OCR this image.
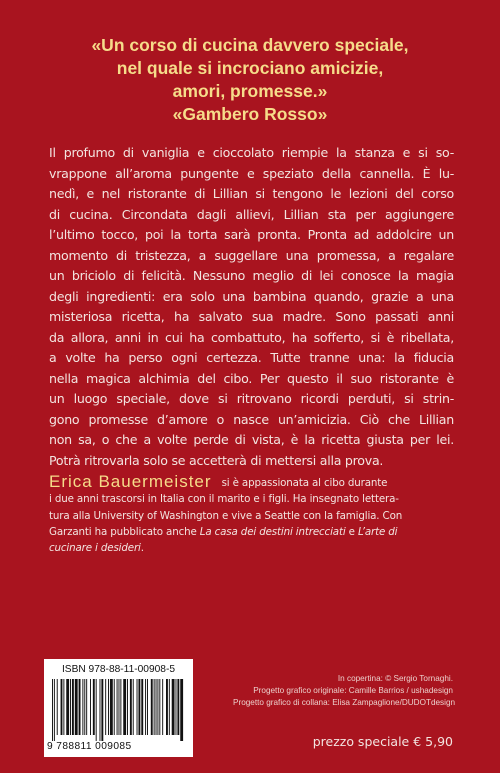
«Un corso di cucina davvero speciale,
nel quale si incrociano amicizie,
amori, promesse.»
«Gambero Rosso»
Il profumo di vaniglia e cioccolato riempie la stanza e si so-
vrappone all’aroma pungente e speziato della cannella. È lu-
nedì, e nel ristorante di Lillian si tengono le lezioni del corso
di cucina. Circondata dagli allievi, Lillian sta per aggiungere
l’ultimo tocco, poi la torta sarà pronta. Pronta ad addolcire un
momento di tristezza, a suggellare una promessa, a regalare
un briciolo di felicità. Nessuno meglio di lei conosce la magia
degli ingredienti: era solo una bambina quando, grazie a una
misteriosa ricetta, ha salvato sua madre. Sono passati anni
da allora, anni in cui ha combattuto, ha sofferto, si è ribellata,
a volte ha perso ogni certezza. Tutte tranne una: la fiducia
nella magica alchimia del cibo. Per questo il suo ristorante è
un luogo speciale, dove si ritrovano ricordi perduti, si strin-
gono promesse d’amore o nasce un’amicizia. Ciò che Lillian
non sa, o che a volte perde di vista, è la ricetta giusta per lei.
Potrà ritrovarla solo se accetterà di mettersi alla prova.
Erica Bauermeister si è appassionata al cibo durante
i due anni trascorsi in Italia con il marito e i figli. Ha insegnato lettera-
tura alla University of Washington e vive a Seattle con la famiglia. Con
Garzanti ha pubblicato anche La casa dei destini intrecciati e L’arte di
cucinare i desideri.
ISBN 978-88-11-00908-5
9 788811 009085
In copertina: © Sergio Tornaghi.
Progetto grafico originale: Camille Barrios / ushadesign
Progetto grafico di collana: Elisa Zampaglione/DUDOTdesign
prezzo speciale € 5,90
